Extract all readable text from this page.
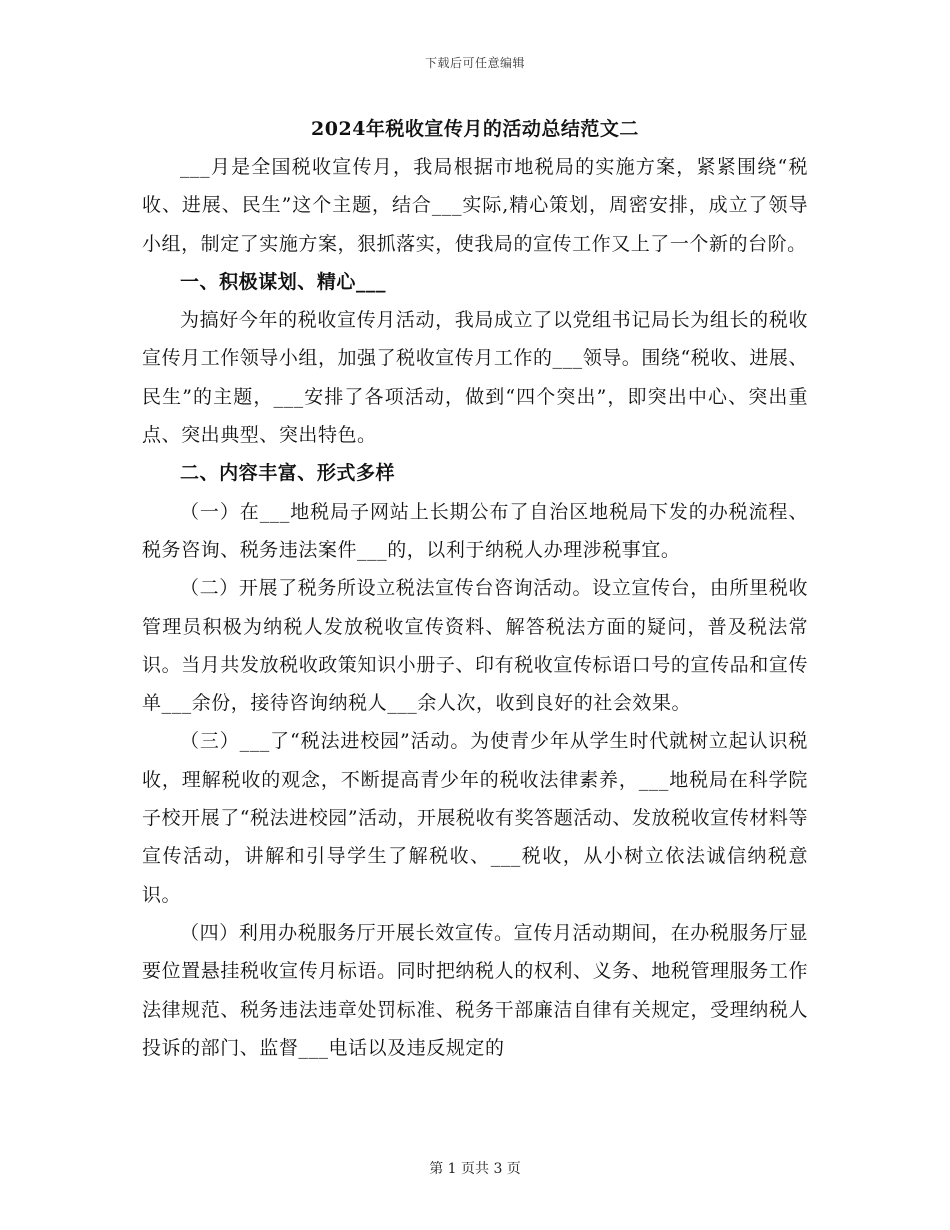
下载后可任意编辑
2024年税收宣传月的活动总结范文二

___月是全国税收宣传月，我局根据市地税局的实施方案，紧紧围绕“税收、进展、民生”这个主题，结合___实际,精心策划，周密安排，成立了领导小组，制定了实施方案，狠抓落实，使我局的宣传工作又上了一个新的台阶。

一、积极谋划、精心___

为搞好今年的税收宣传月活动，我局成立了以党组书记局长为组长的税收宣传月工作领导小组，加强了税收宣传月工作的___领导。围绕“税收、进展、民生”的主题，___安排了各项活动，做到“四个突出”，即突出中心、突出重点、突出典型、突出特色。

二、内容丰富、形式多样

（一）在___地税局子网站上长期公布了自治区地税局下发的办税流程、税务咨询、税务违法案件___的，以利于纳税人办理涉税事宜。

（二）开展了税务所设立税法宣传台咨询活动。设立宣传台，由所里税收管理员积极为纳税人发放税收宣传资料、解答税法方面的疑问，普及税法常识。当月共发放税收政策知识小册子、印有税收宣传标语口号的宣传品和宣传单___余份，接待咨询纳税人___余人次，收到良好的社会效果。

（三）___了“税法进校园”活动。为使青少年从学生时代就树立起认识税收，理解税收的观念，不断提高青少年的税收法律素养，___地税局在科学院子校开展了“税法进校园”活动，开展税收有奖答题活动、发放税收宣传材料等宣传活动，讲解和引导学生了解税收、___税收，从小树立依法诚信纳税意识。

（四）利用办税服务厅开展长效宣传。宣传月活动期间，在办税服务厅显要位置悬挂税收宣传月标语。同时把纳税人的权利、义务、地税管理服务工作法律规范、税务违法违章处罚标准、税务干部廉洁自律有关规定，受理纳税人投诉的部门、监督___电话以及违反规定的

第 1 页共 3 页
